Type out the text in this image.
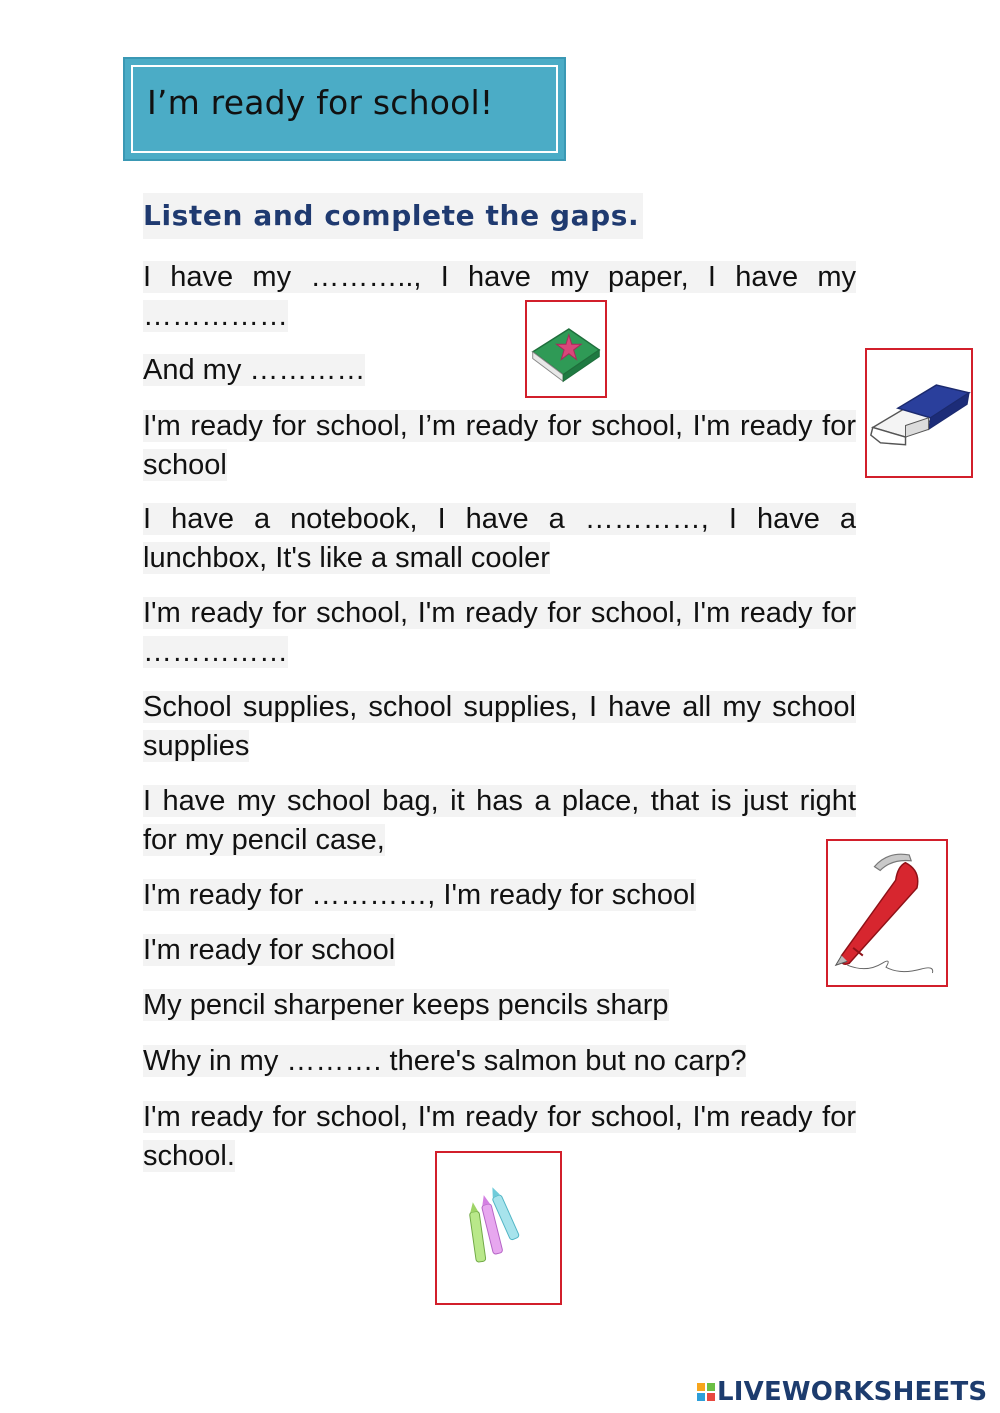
I’m ready for school!
Listen and complete the gaps.
I have my ……….., I have my paper, I have my ……………
And my …………
I'm ready for school, I’m ready for school, I'm ready for school
I have a notebook, I have a …………, I have a lunchbox, It's like a small cooler
I'm ready for school, I'm ready for school, I'm ready for ……………
School supplies, school supplies, I have all my school supplies
I have my school bag, it has a place, that is just right for my pencil case,
I'm ready for …………, I'm ready for school
I'm ready for school
My pencil sharpener keeps pencils sharp
Why in my ………. there's salmon but no carp?
I'm ready for school, I'm ready for school, I'm ready for school.
LIVEWORKSHEETS
